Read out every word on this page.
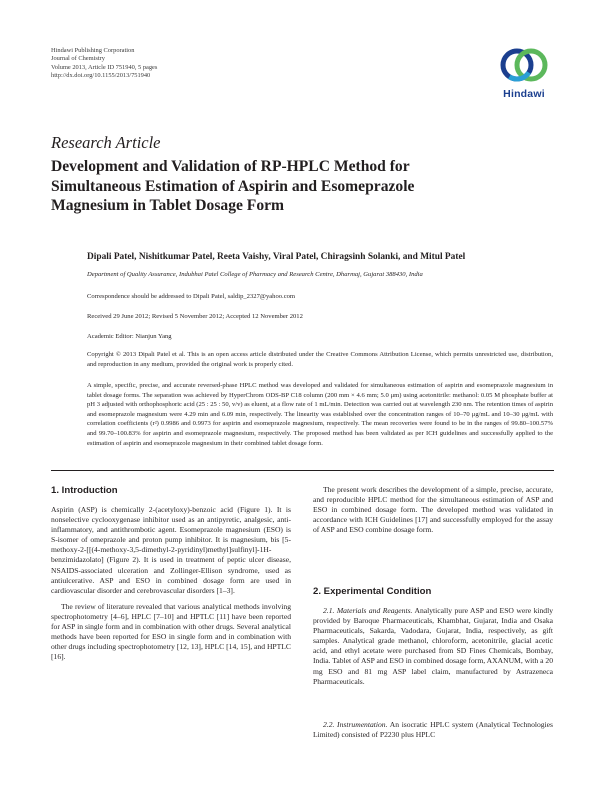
Hindawi Publishing Corporation
Journal of Chemistry
Volume 2013, Article ID 751940, 5 pages
http://dx.doi.org/10.1155/2013/751940
Hindawi
Research Article
Development and Validation of RP-HPLC Method for
Simultaneous Estimation of Aspirin and Esomeprazole
Magnesium in Tablet Dosage Form
Dipali Patel, Nishitkumar Patel, Reeta Vaishy, Viral Patel, Chiragsinh Solanki, and Mitul Patel
Department of Quality Assurance, Indubhai Patel College of Pharmacy and Research Centre, Dharmaj, Gujarat 388430, India
Correspondence should be addressed to Dipali Patel, saldip_2327@yahoo.com
Received 29 June 2012; Revised 5 November 2012; Accepted 12 November 2012
Academic Editor: Nianjun Yang
Copyright © 2013 Dipali Patel et al. This is an open access article distributed under the Creative Commons Attribution License, which permits unrestricted use, distribution, and reproduction in any medium, provided the original work is properly cited.
A simple, specific, precise, and accurate reversed-phase HPLC method was developed and validated for simultaneous estimation of aspirin and esomeprazole magnesium in tablet dosage forms. The separation was achieved by HyperChrom ODS-BP C18 column (200 mm × 4.6 mm; 5.0 μm) using acetonitrile: methanol: 0.05 M phosphate buffer at pH 3 adjusted with orthophosphoric acid (25 : 25 : 50, v/v) as eluent, at a flow rate of 1 mL/min. Detection was carried out at wavelength 230 nm. The retention times of aspirin and esomeprazole magnesium were 4.29 min and 6.09 min, respectively. The linearity was established over the concentration ranges of 10–70 μg/mL and 10–30 μg/mL with correlation coefficients (r²) 0.9986 and 0.9973 for aspirin and esomeprazole magnesium, respectively. The mean recoveries were found to be in the ranges of 99.80–100.57% and 99.70–100.83% for aspirin and esomeprazole magnesium, respectively. The proposed method has been validated as per ICH guidelines and successfully applied to the estimation of aspirin and esomeprazole magnesium in their combined tablet dosage form.
1. Introduction

Aspirin (ASP) is chemically 2-(acetyloxy)-benzoic acid (Figure 1). It is nonselective cyclooxygenase inhibitor used as an antipyretic, analgesic, anti-inflammatory, and antithrombotic agent. Esomeprazole magnesium (ESO) is S-isomer of omeprazole and proton pump inhibitor. It is magnesium, bis [5-methoxy-2-[[(4-methoxy-3,5-dimethyl-2-pyridinyl)methyl]sulfinyl]-1H-benzimidazolato] (Figure 2). It is used in treatment of peptic ulcer disease, NSAIDS-associated ulceration and Zollinger-Ellison syndrome, used as antiulcerative. ASP and ESO in combined dosage form are used in cardiovascular disorder and cerebrovascular disorders [1–3].

The review of literature revealed that various analytical methods involving spectrophotometry [4–6], HPLC [7–10] and HPTLC [11] have been reported for ASP in single form and in combination with other drugs. Several analytical methods have been reported for ESO in single form and in combination with other drugs including spectrophotometry [12, 13], HPLC [14, 15], and HPTLC [16].

The present work describes the development of a simple, precise, accurate, and reproducible HPLC method for the simultaneous estimation of ASP and ESO in combined dosage form. The developed method was validated in accordance with ICH Guidelines [17] and successfully employed for the assay of ASP and ESO combine dosage form.
2. Experimental Condition

2.1. Materials and Reagents. Analytically pure ASP and ESO were kindly provided by Baroque Pharmaceuticals, Khambhat, Gujarat, India and Osaka Pharmaceuticals, Sakarda, Vadodara, Gujarat, India, respectively, as gift samples. Analytical grade methanol, chloroform, acetonitrile, glacial acetic acid, and ethyl acetate were purchased from SD Fines Chemicals, Bombay, India. Tablet of ASP and ESO in combined dosage form, AXANUM, with a 20 mg ESO and 81 mg ASP label claim, manufactured by Astrazeneca Pharmaceuticals.

2.2. Instrumentation. An isocratic HPLC system (Analytical Technologies Limited) consisted of P2230 plus HPLC
